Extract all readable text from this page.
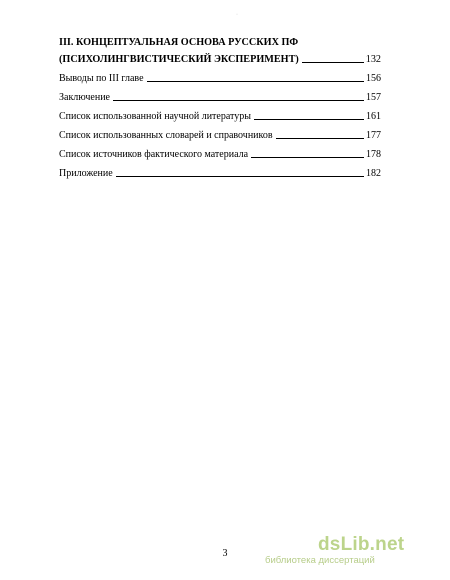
·
III. КОНЦЕПТУАЛЬНАЯ ОСНОВА РУССКИХ ПФ
(ПСИХОЛИНГВИСТИЧЕСКИЙ ЭКСПЕРИМЕНТ)	132
Выводы по III главе	156
Заключение	157
Список использованной научной литературы	161
Список использованных словарей и справочников	177
Список источников фактического материала	178
Приложение	182
3	dsLib.net
библиотека диссертаций
